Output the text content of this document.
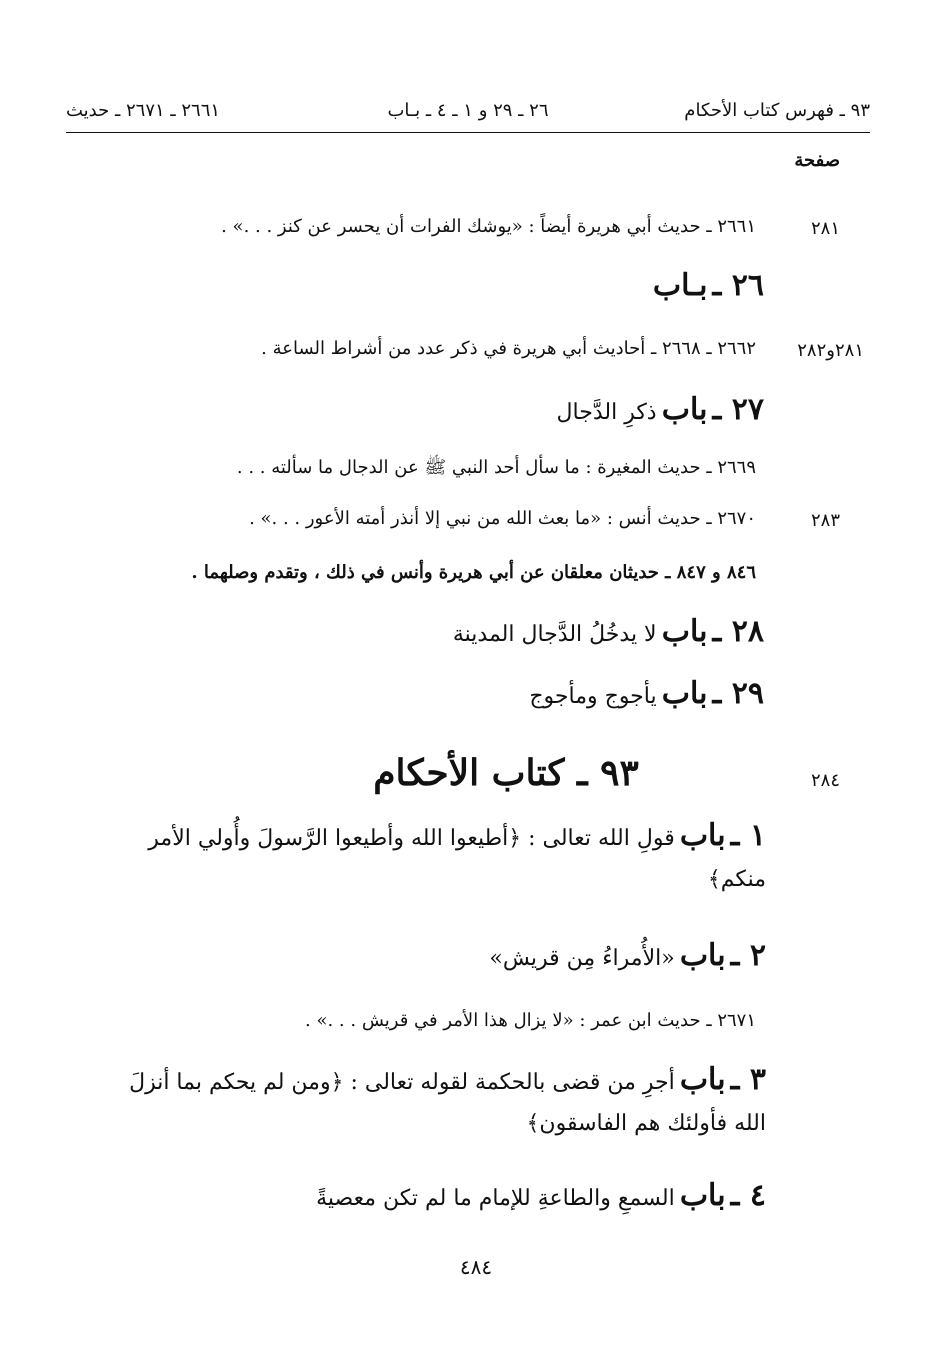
٩٣ ـ فهرس كتاب الأحكام
٢٦ ـ ٢٩ و ١ ـ ٤ ـ بـاب
٢٦٦١ ـ ٢٦٧١ ـ حديث
صفحة
٢٨١
٢٦٦١ ـ حديث أبي هريرة أيضاً : «يوشك الفرات أن يحسر عن كنز . . .» .
٢٦ ـ بـاب
٢٨١و٢٨٢
٢٦٦٢ ـ ٢٦٦٨ ـ أحاديث أبي هريرة في ذكر عدد من أشراط الساعة .
٢٧ ـ باب ذكرِ الدَّجال
٢٦٦٩ ـ حديث المغيرة : ما سأل أحد النبي ﷺ عن الدجال ما سألته . . .
٢٨٣
٢٦٧٠ ـ حديث أنس : «ما بعث الله من نبي إلا أنذر أمته الأعور . . .» .
٨٤٦ و ٨٤٧ ـ حديثان معلقان عن أبي هريرة وأنس في ذلك ، وتقدم وصلهما .
٢٨ ـ باب لا يدخُلُ الدَّجال المدينة
٢٩ ـ باب يأجوج ومأجوج
٢٨٤
٩٣ ـ كتاب الأحكام
١ ـ باب قولِ الله تعالى : ﴿أطيعوا الله وأطيعوا الرَّسولَ وأُولي الأمر
منكم﴾
٢ ـ باب «الأُمراءُ مِن قريش»
٢٦٧١ ـ حديث ابن عمر : «لا يزال هذا الأمر في قريش . . .» .
٣ ـ باب أجرِ من قضى بالحكمة لقوله تعالى : ﴿ومن لم يحكم بما أنزلَ
الله فأولئك هم الفاسقون﴾
٤ ـ باب السمعِ والطاعةِ للإمام ما لم تكن معصيةً
٤٨٤
